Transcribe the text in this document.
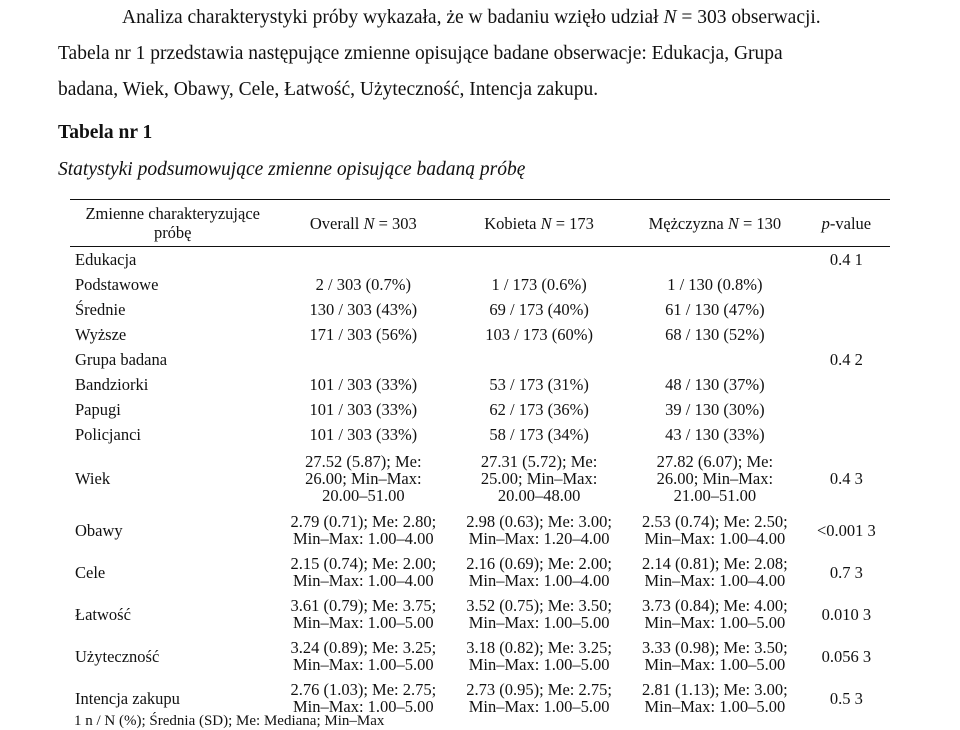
Analiza charakterystyki próby wykazała, że w badaniu wzięło udział N = 303 obserwacji.
Tabela nr 1 przedstawia następujące zmienne opisujące badane obserwacje: Edukacja, Grupa
badana, Wiek, Obawy, Cele, Łatwość, Użyteczność, Intencja zakupu.

Tabela nr 1

Statystyki podsumowujące zmienne opisujące badaną próbę

Zmienne charakteryzujące
próbę	Overall N = 303	Kobieta N = 173	Mężczyzna N = 130	p-value
Edukacja				0.4 1
Podstawowe	2 / 303 (0.7%)	1 / 173 (0.6%)	1 / 130 (0.8%)	

Średnie	130 / 303 (43%)	69 / 173 (40%)	61 / 130 (47%)	

Wyższe	171 / 303 (56%)	103 / 173 (60%)	68 / 130 (52%)	

Grupa badana				0.4 2
Bandziorki	101 / 303 (33%)	53 / 173 (31%)	48 / 130 (37%)	

Papugi	101 / 303 (33%)	62 / 173 (36%)	39 / 130 (30%)	

Policjanci	101 / 303 (33%)	58 / 173 (34%)	43 / 130 (33%)	

Wiek	27.52 (5.87); Me:
26.00; Min–Max:
20.00–51.00	27.31 (5.72); Me:
25.00; Min–Max:
20.00–48.00	27.82 (6.07); Me:
26.00; Min–Max:
21.00–51.00	0.4 3
Obawy	2.79 (0.71); Me: 2.80;
Min–Max: 1.00–4.00	2.98 (0.63); Me: 3.00;
Min–Max: 1.20–4.00	2.53 (0.74); Me: 2.50;
Min–Max: 1.00–4.00	<0.001 3
Cele	2.15 (0.74); Me: 2.00;
Min–Max: 1.00–4.00	2.16 (0.69); Me: 2.00;
Min–Max: 1.00–4.00	2.14 (0.81); Me: 2.08;
Min–Max: 1.00–4.00	0.7 3
Łatwość	3.61 (0.79); Me: 3.75;
Min–Max: 1.00–5.00	3.52 (0.75); Me: 3.50;
Min–Max: 1.00–5.00	3.73 (0.84); Me: 4.00;
Min–Max: 1.00–5.00	0.010 3
Użyteczność	3.24 (0.89); Me: 3.25;
Min–Max: 1.00–5.00	3.18 (0.82); Me: 3.25;
Min–Max: 1.00–5.00	3.33 (0.98); Me: 3.50;
Min–Max: 1.00–5.00	0.056 3
Intencja zakupu	2.76 (1.03); Me: 2.75;
Min–Max: 1.00–5.00	2.73 (0.95); Me: 2.75;
Min–Max: 1.00–5.00	2.81 (1.13); Me: 3.00;
Min–Max: 1.00–5.00	0.5 3

1 n / N (%); Średnia (SD); Me: Mediana; Min–Max
